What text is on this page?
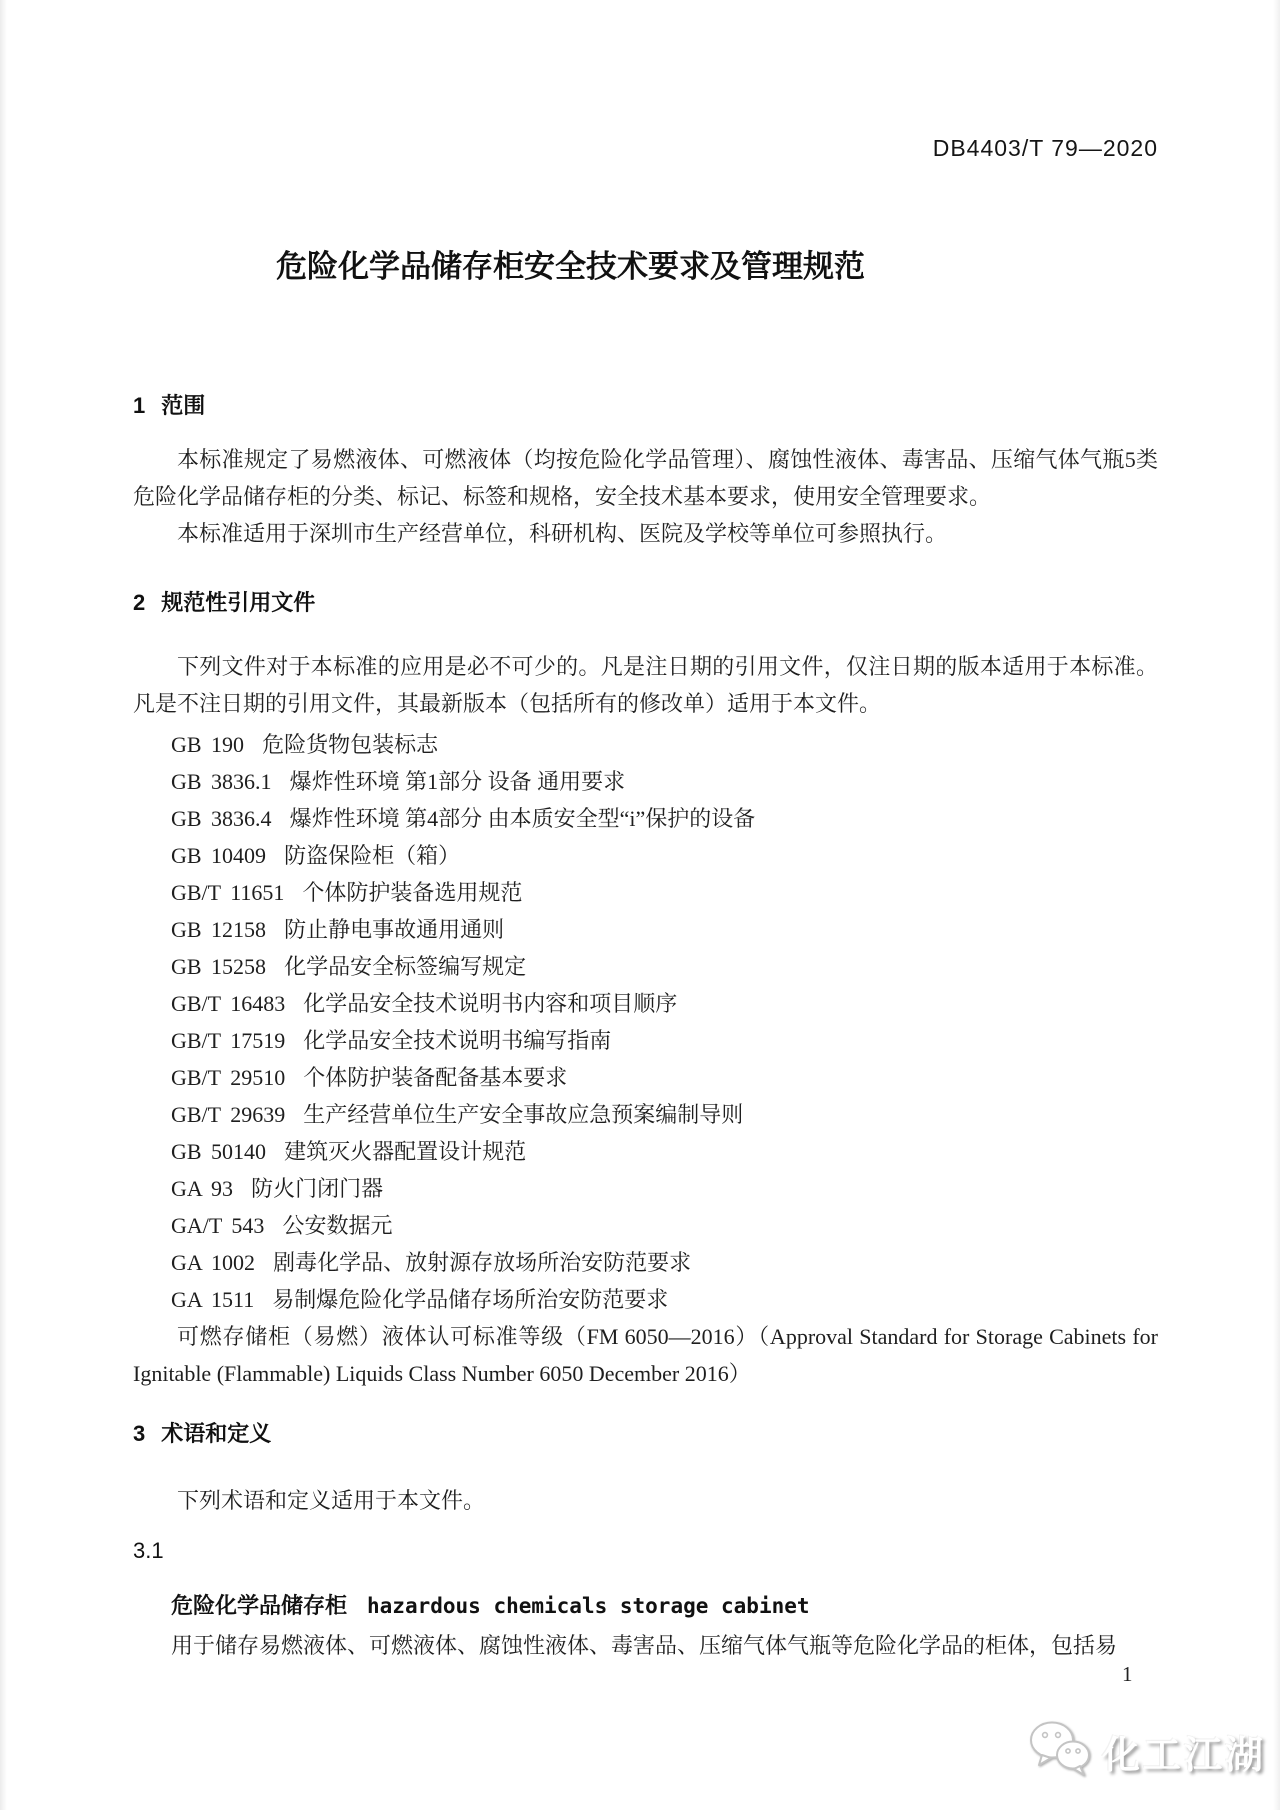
DB4403/T 79—2020
危险化学品储存柜安全技术要求及管理规范
1 范围

本标准规定了易燃液体、可燃液体（均按危险化学品管理）、腐蚀性液体、毒害品、压缩气体气瓶5类危险化学品储存柜的分类、标记、标签和规格，安全技术基本要求，使用安全管理要求。

本标准适用于深圳市生产经营单位，科研机构、医院及学校等单位可参照执行。

2 规范性引用文件

下列文件对于本标准的应用是必不可少的。凡是注日期的引用文件，仅注日期的版本适用于本标准。凡是不注日期的引用文件，其最新版本（包括所有的修改单）适用于本文件。

GB 190 危险货物包装标志
GB 3836.1 爆炸性环境 第1部分 设备 通用要求
GB 3836.4 爆炸性环境 第4部分 由本质安全型“i”保护的设备
GB 10409 防盗保险柜（箱）
GB/T 11651 个体防护装备选用规范
GB 12158 防止静电事故通用通则
GB 15258 化学品安全标签编写规定
GB/T 16483 化学品安全技术说明书内容和项目顺序
GB/T 17519 化学品安全技术说明书编写指南
GB/T 29510 个体防护装备配备基本要求
GB/T 29639 生产经营单位生产安全事故应急预案编制导则
GB 50140 建筑灭火器配置设计规范
GA 93 防火门闭门器
GA/T 543 公安数据元
GA 1002 剧毒化学品、放射源存放场所治安防范要求
GA 1511 易制爆危险化学品储存场所治安防范要求

可燃存储柜（易燃）液体认可标准等级（FM 6050—2016）（Approval Standard for Storage Cabinets for Ignitable (Flammable) Liquids Class Number 6050 December 2016）

3 术语和定义

下列术语和定义适用于本文件。

3.1
危险化学品储存柜 hazardous chemicals storage cabinet

用于储存易燃液体、可燃液体、腐蚀性液体、毒害品、压缩气体气瓶等危险化学品的柜体，包括易

1
化工江湖
